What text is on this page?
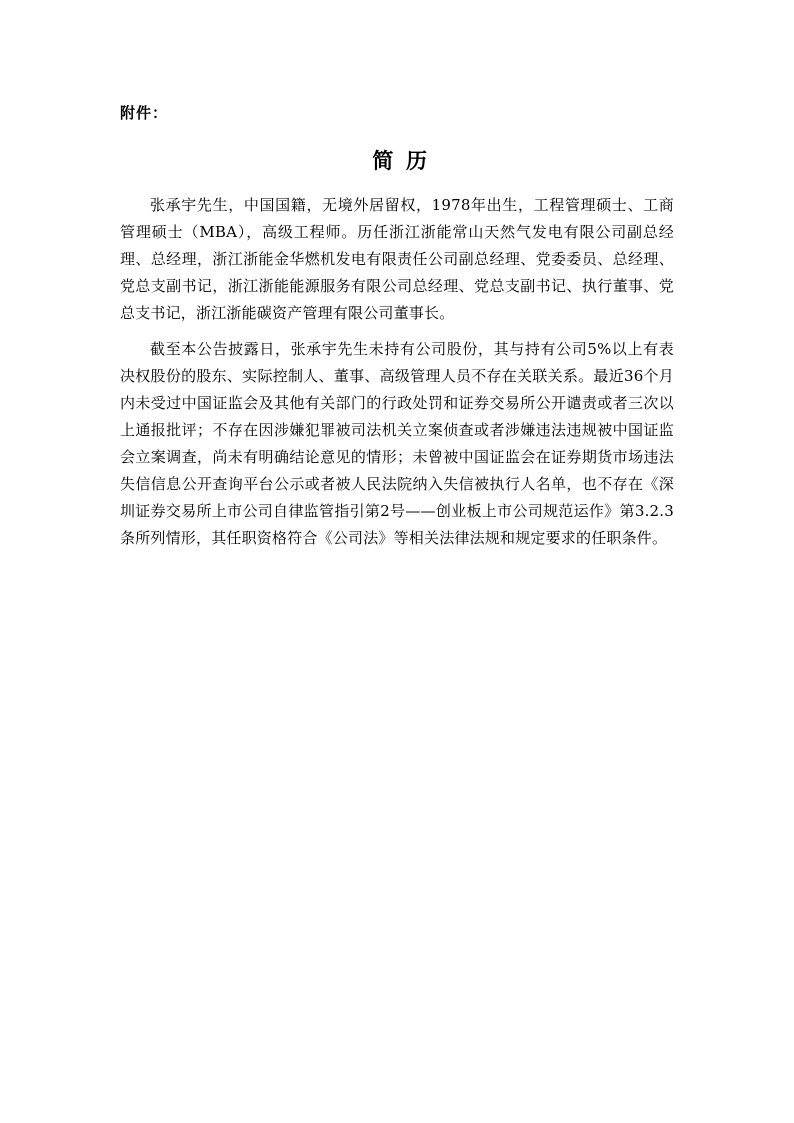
附件：
简历

张承宇先生，中国国籍，无境外居留权，1978年出生，工程管理硕士、工商管理硕士（MBA），高级工程师。历任浙江浙能常山天然气发电有限公司副总经理、总经理，浙江浙能金华燃机发电有限责任公司副总经理、党委委员、总经理、党总支副书记，浙江浙能能源服务有限公司总经理、党总支副书记、执行董事、党总支书记，浙江浙能碳资产管理有限公司董事长。

截至本公告披露日，张承宇先生未持有公司股份，其与持有公司5%以上有表决权股份的股东、实际控制人、董事、高级管理人员不存在关联关系。最近36个月内未受过中国证监会及其他有关部门的行政处罚和证券交易所公开谴责或者三次以上通报批评；不存在因涉嫌犯罪被司法机关立案侦查或者涉嫌违法违规被中国证监会立案调查，尚未有明确结论意见的情形；未曾被中国证监会在证券期货市场违法失信信息公开查询平台公示或者被人民法院纳入失信被执行人名单，也不存在《深圳证券交易所上市公司自律监管指引第2号——创业板上市公司规范运作》第3.2.3条所列情形，其任职资格符合《公司法》等相关法律法规和规定要求的任职条件。
